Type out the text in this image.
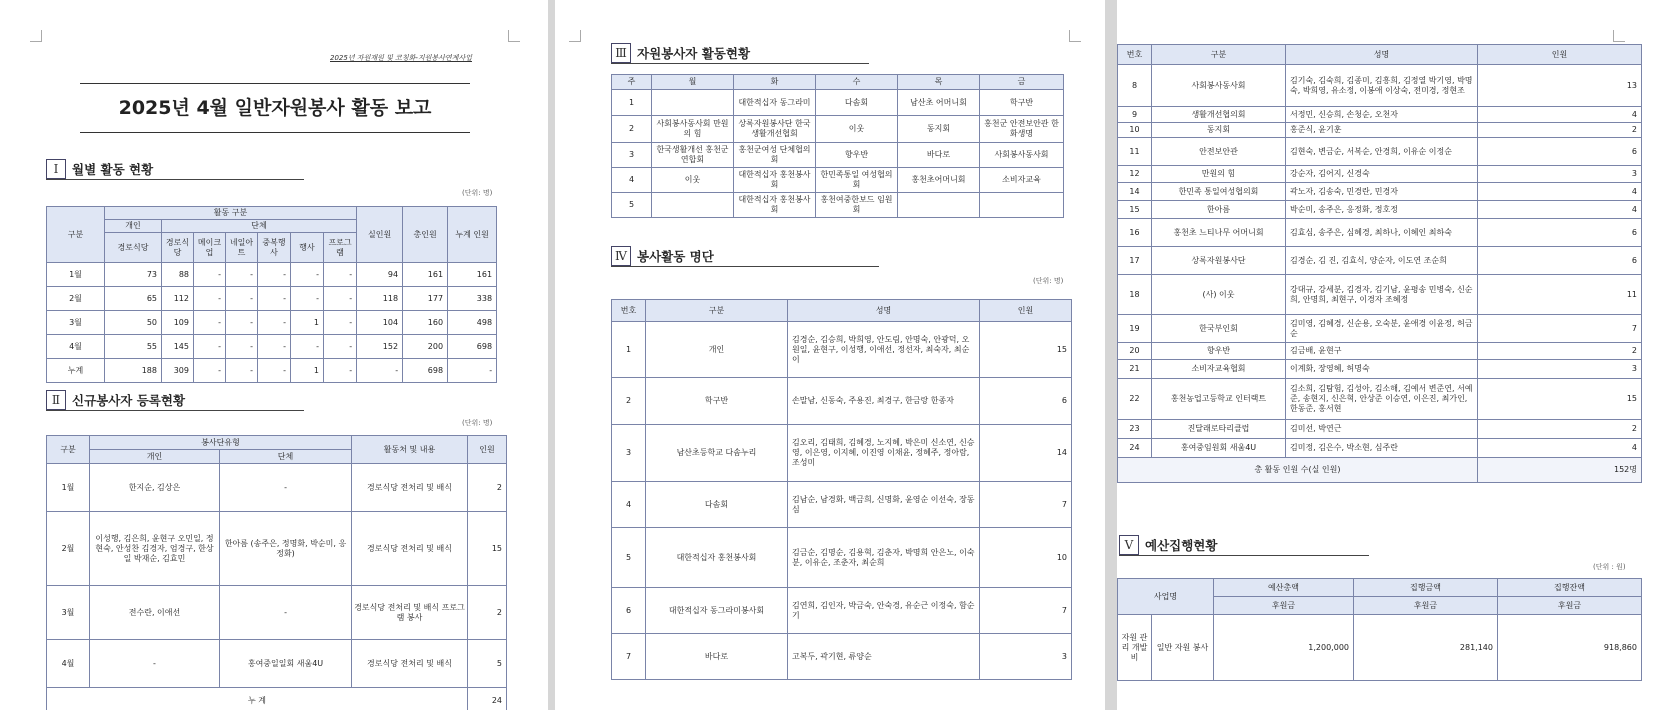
2025년 자원재원 및 코칭화-지원봉사연계사업
2025년 4월 일반자원봉사 활동 보고
Ⅰ	월별 활동 현황
(단위: 명)
구분	활동 구분							실인원	총인원	누계 인원
	개인	단체								
	경로식당	경로식당	메이크업	네일아트	중복행사	행사	프로그램			
1월	73	88	-	-	-	-	-	94	161	161
2월	65	112	-	-	-	-	-	118	177	338
3월	50	109	-	-	-	1	-	104	160	498
4월	55	145	-	-	-	-	-	152	200	698
누계	188	309	-	-	-	1	-	-	698	-
Ⅱ 신규봉사자 등록현황
(단위: 명)
구분	봉사단유형		활동처 및 내용	인원
	개인	단체		
1월	한지순, 김상은	-	경로식당 전처리 및 배식	2
2월	이성행, 김은희, 윤현구 오민일, 정현숙, 안성찬 김경자, 엄경구, 한상일 박재순, 김효민	한아름 (송주은, 정명화, 박순미, 응정화)	경로식당 전처리 및 배식	15
3월	전수란, 이애선	-	경로식당 전처리 및 배식 프로그램 봉사	2
4월	-	홍여중일일회 새움4U	경로식당 전처리 및 배식	5
누 계				24
Ⅲ 자원봉사자 활동현황
주	월	화	수	목	금
1		대한적십자 동그라미	다솜회	남산초 어머니회	학구반
2	사회봉사동사회 만원의 힘	상록자원봉사단 한국생활개선협회	이웃	동지회	홍천군 안전보안관 한화생명
3	한국생활개선 홍천군연합회	홍천군여성 단체협의회	향우반	바다로	사회봉사동사회
4	이웃	대한적십자 홍천봉사회	한민족통일 여성협의회	홍천초어머니회	소비자교육
5		대한적십자 홍천봉사회	홍천여중한보드 임원회		
Ⅳ 봉사활동 명단
(단위: 명)
번호	구분	성명	인원
1	개인	김경순, 김승희, 박희영, 안도림, 안명숙, 안광덕, 오원일, 윤현구, 이성행, 이애선, 정선자, 최숙자, 최순이	15
2	학구반	손말남, 신동숙, 주용진, 최경구, 한금랑 한종자	6
3	남산초등학교 다솜누리	김오리, 김태희, 김혜경, 노지혜, 박은미 신소연, 신승영, 이은영, 이지혜, 이진영 이채윤, 정혜주, 정아람, 조성미	14
4	다솜회	김남순, 남경화, 백금희, 신명화, 윤영순 이선숙, 장동심	7
5	대한적십자 홍천봉사회	김금순, 김명순, 김용혁, 김춘자, 박명희 안은노, 이숙분, 이유순, 조춘자, 최순희	10
6	대한적십자 동그라미봉사회	김연희, 김인자, 박금숙, 안숙경, 유순근 이정숙, 함순기	7
7	바다로	고복두, 곽기현, 류양순	3
번호	구분	성명	인원
8	사회봉사동사회	김기숙, 김숙희, 김종미, 김흥희, 김정열 박기영, 박명숙, 박희영, 유소정, 이봉애 이상숙, 전미경, 정현조	13
9	생활개선협의회	서정민, 신승희, 손청순, 오천자	4
10	동지회	홍준식, 윤기훈	2
11	안전보안관	김현숙, 변금순, 서복순, 안경희, 이유순 이정순	6
12	만원의 힘	강순자, 김어지, 신경숙	3
14	한민족 통일여성협의회	곽노자, 김송숙, 민경란, 민경자	4
15	한아름	박순미, 송주은, 응정화, 정호정	4
16	홍천초 느티나무 어머니회	김효심, 송주은, 심혜경, 최하나, 이혜인 최하숙	6
17	상록자원봉사단	김경순, 김 진, 김효식, 양순자, 이도연 조순희	6
18	(사) 이웃	강대규, 강세분, 김경자, 김기남, 윤평송 민병숙, 신순희, 안명희, 최현구, 이경자 조혜정	11
19	한국부인회	김미영, 김혜경, 신순용, 오숙분, 윤애경 이윤정, 허금순	7
20	향우반	김금배, 윤현구	2
21	소비자교육협회	이계화, 장영혜, 허명숙	3
22	홍천농업고등학교 인터랙트	김소희, 김탐험, 김성아, 김소해, 김예서 변준연, 서예준, 송현지, 신은혁, 안상준 이승연, 이은진, 최가인, 한동준, 홍서현	15
23	진달래로타리클럽	김미선, 박연근	2
24	홍여중임원회 새움4U	김미정, 김은수, 박소현, 심주란	4
총 활동 인원 수(실 인원)			152명
Ⅴ 예산집행현황
(단위 : 원)
사업명		예산총액	집행금액	집행잔액
		후원금	후원금	후원금
자원 관리 개발비	일반 자원 봉사	1,200,000	281,140	918,860
